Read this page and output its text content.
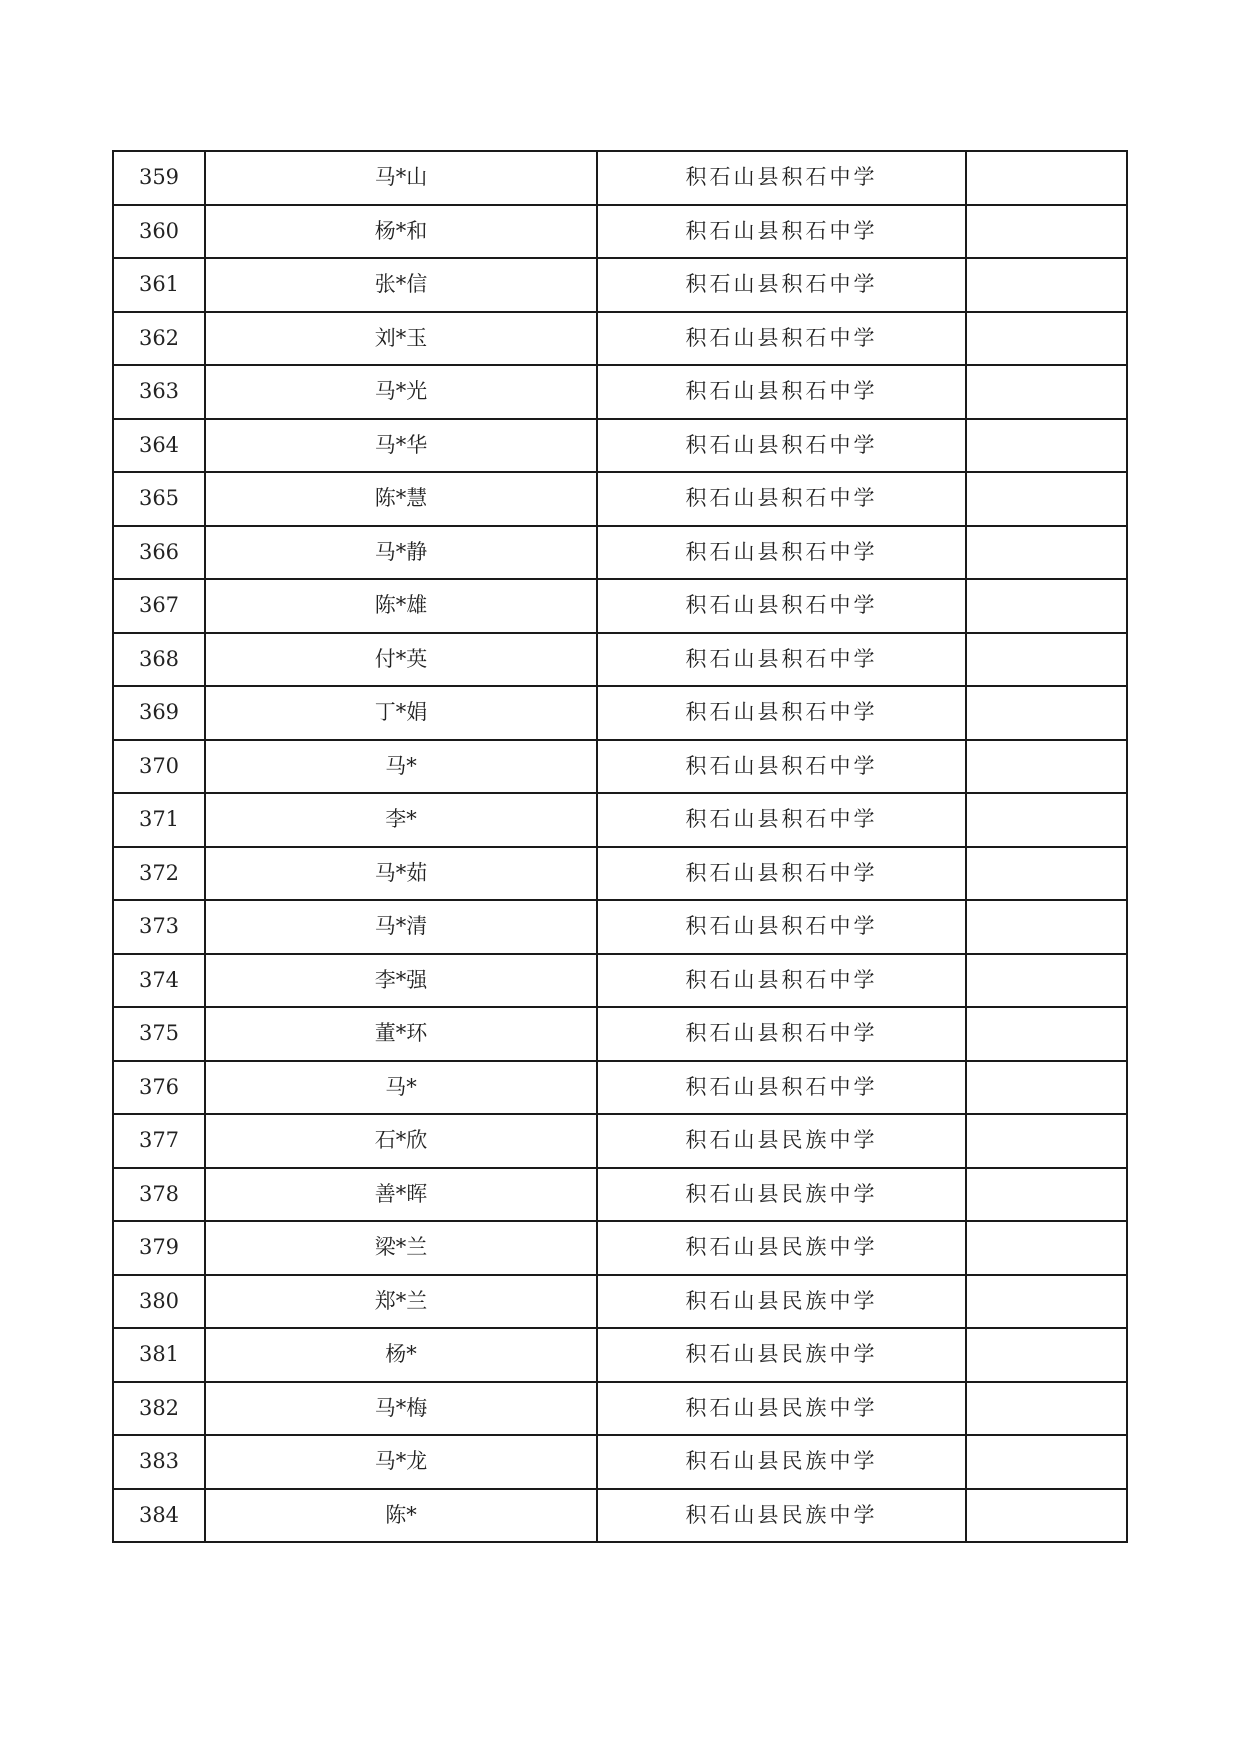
359	马*山	积石山县积石中学	
360	杨*和	积石山县积石中学	
361	张*信	积石山县积石中学	
362	刘*玉	积石山县积石中学	
363	马*光	积石山县积石中学	
364	马*华	积石山县积石中学	
365	陈*慧	积石山县积石中学	
366	马*静	积石山县积石中学	
367	陈*雄	积石山县积石中学	
368	付*英	积石山县积石中学	
369	丁*娟	积石山县积石中学	
370	马*	积石山县积石中学	
371	李*	积石山县积石中学	
372	马*茹	积石山县积石中学	
373	马*清	积石山县积石中学	
374	李*强	积石山县积石中学	
375	董*环	积石山县积石中学	
376	马*	积石山县积石中学	
377	石*欣	积石山县民族中学	
378	善*晖	积石山县民族中学	
379	梁*兰	积石山县民族中学	
380	郑*兰	积石山县民族中学	
381	杨*	积石山县民族中学	
382	马*梅	积石山县民族中学	
383	马*龙	积石山县民族中学	
384	陈*	积石山县民族中学	
